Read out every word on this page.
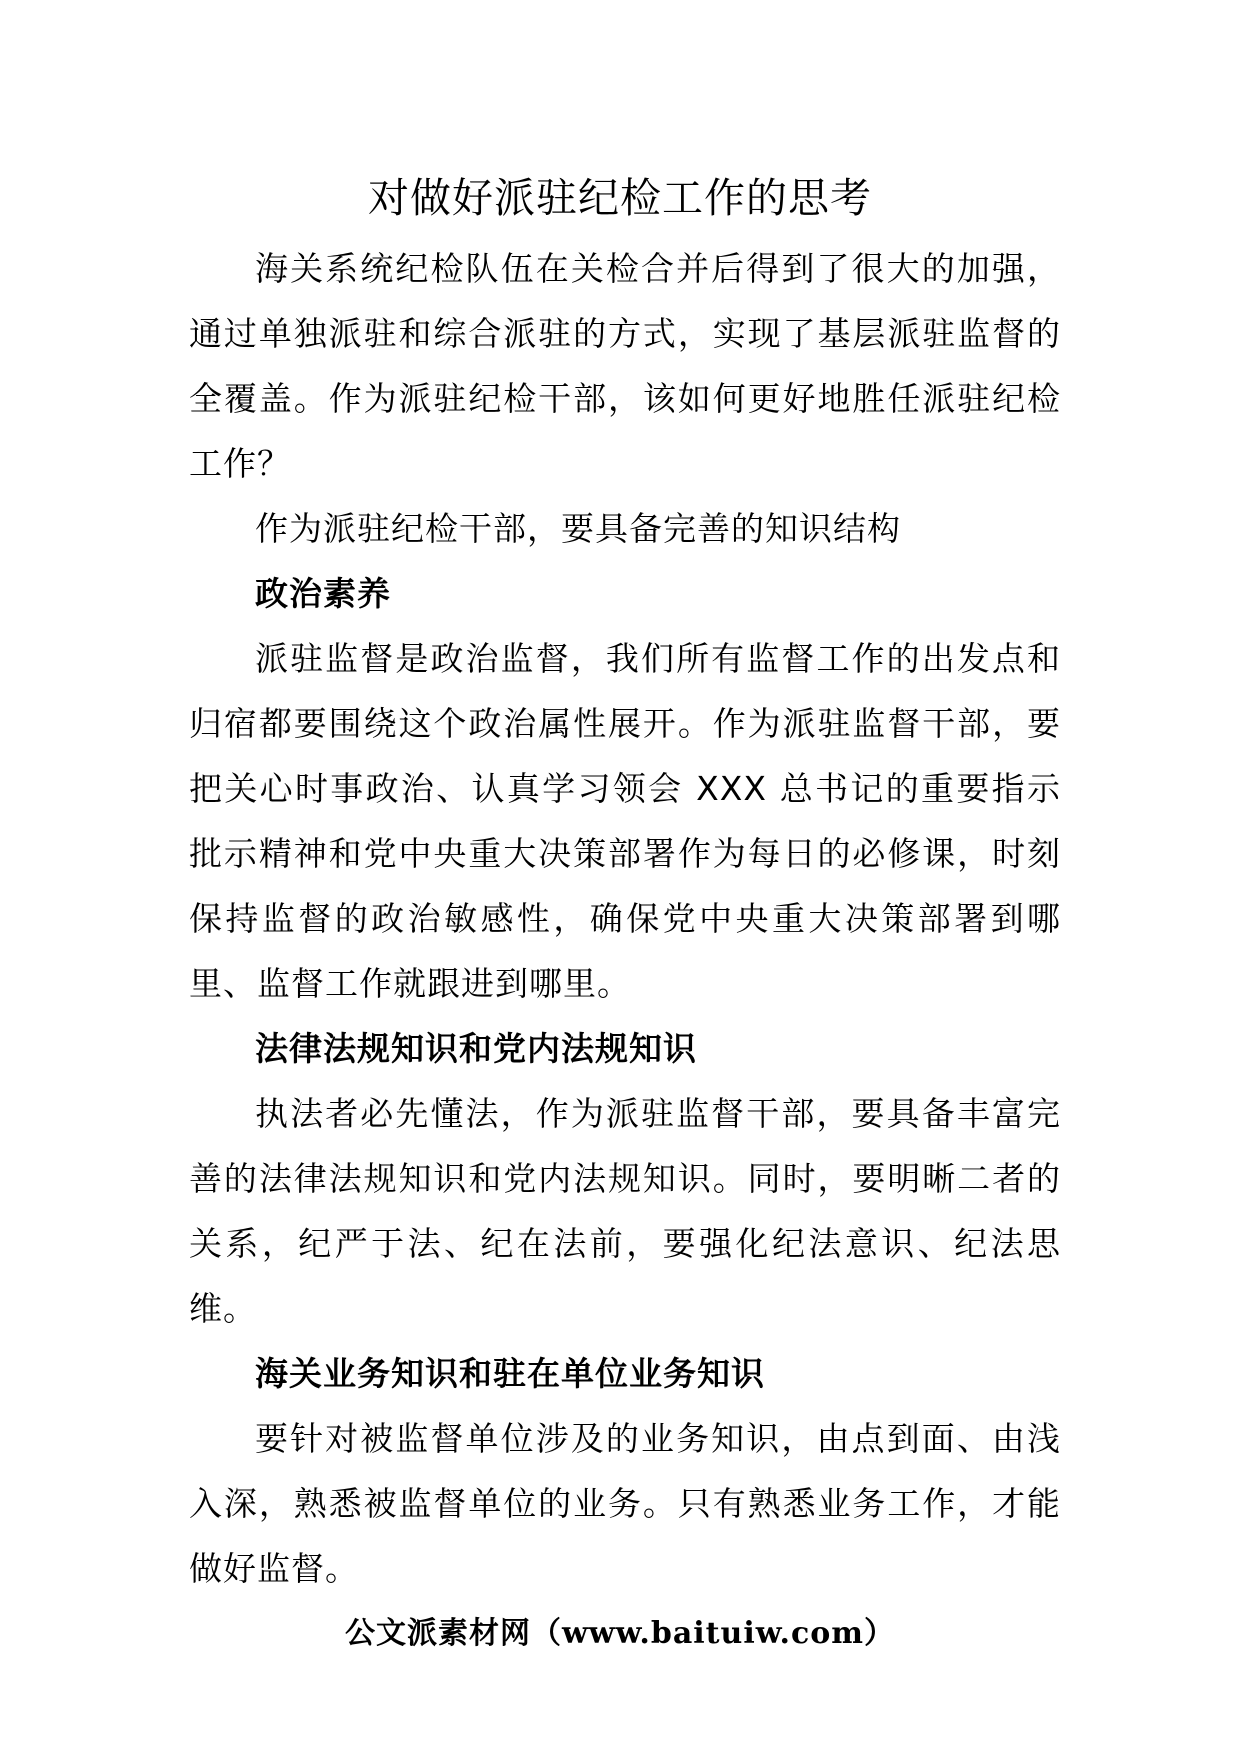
对做好派驻纪检工作的思考

海关系统纪检队伍在关检合并后得到了很大的加强，通过单独派驻和综合派驻的方式，实现了基层派驻监督的全覆盖。作为派驻纪检干部，该如何更好地胜任派驻纪检工作？

作为派驻纪检干部，要具备完善的知识结构

政治素养

派驻监督是政治监督，我们所有监督工作的出发点和归宿都要围绕这个政治属性展开。作为派驻监督干部，要把关心时事政治、认真学习领会 XXX 总书记的重要指示批示精神和党中央重大决策部署作为每日的必修课，时刻保持监督的政治敏感性，确保党中央重大决策部署到哪里、监督工作就跟进到哪里。

法律法规知识和党内法规知识

执法者必先懂法，作为派驻监督干部，要具备丰富完善的法律法规知识和党内法规知识。同时，要明晰二者的关系，纪严于法、纪在法前，要强化纪法意识、纪法思维。

海关业务知识和驻在单位业务知识

要针对被监督单位涉及的业务知识，由点到面、由浅入深，熟悉被监督单位的业务。只有熟悉业务工作，才能做好监督。

公文派素材网（www.baituiw.com）
